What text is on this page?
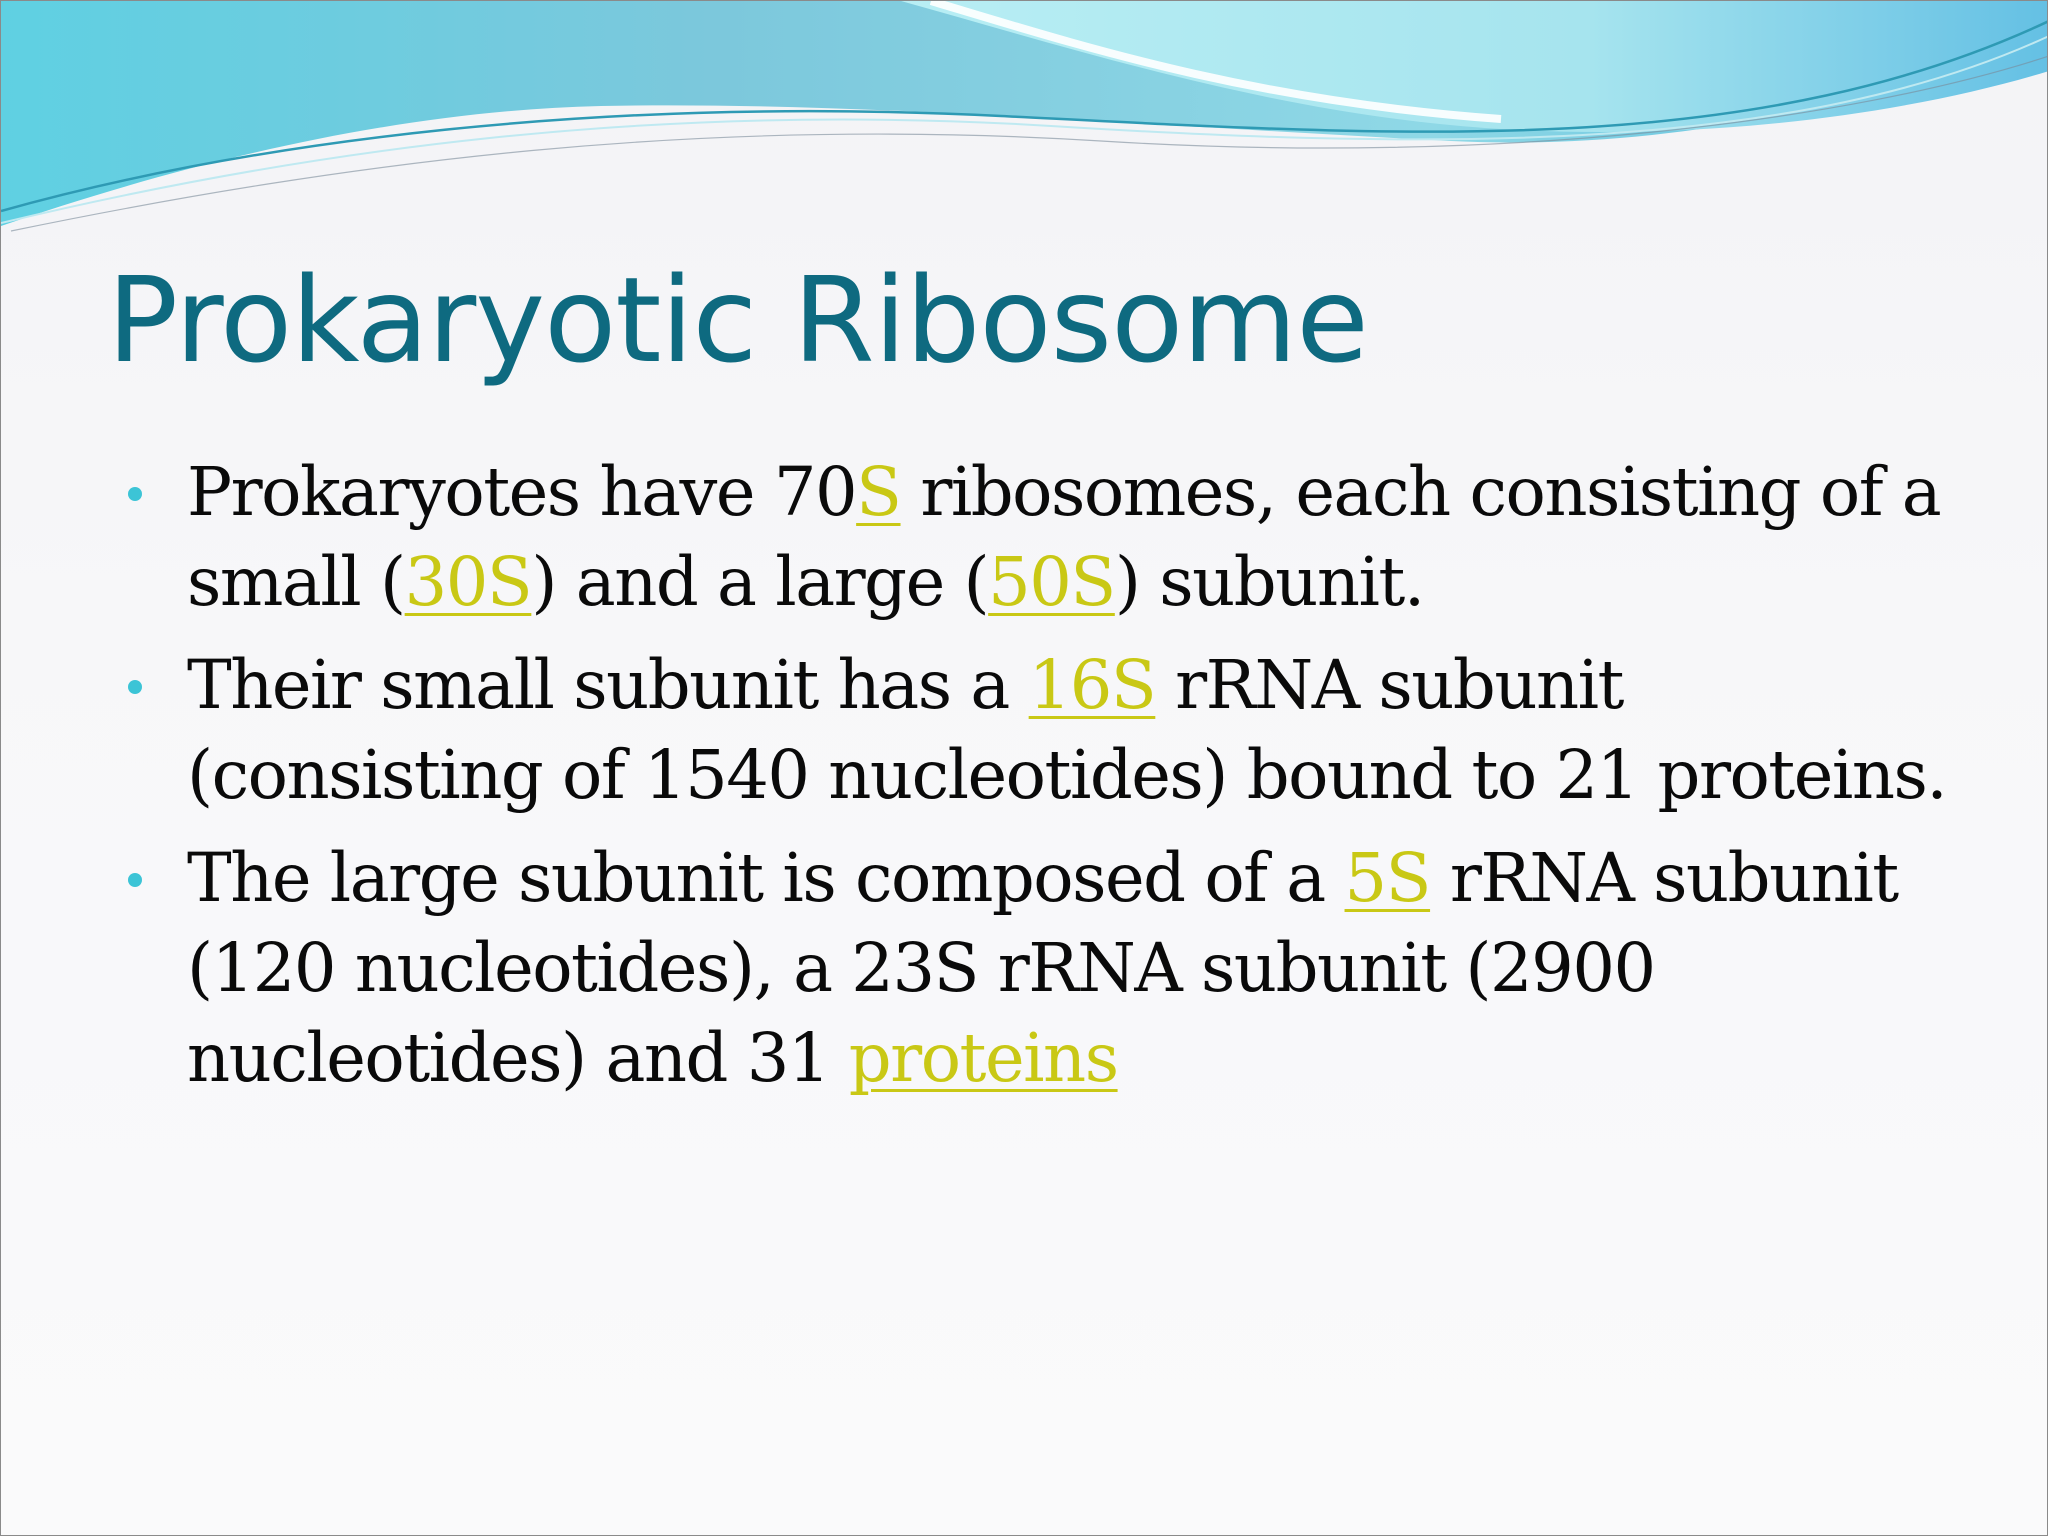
Prokaryotic Ribosome
Prokaryotes have 70S ribosomes, each consisting of a small (30S) and a large (50S) subunit.
Their small subunit has a 16S rRNA subunit (consisting of 1540 nucleotides) bound to 21 proteins.
The large subunit is composed of a 5S rRNA subunit (120 nucleotides), a 23S rRNA subunit (2900 nucleotides) and 31 proteins
